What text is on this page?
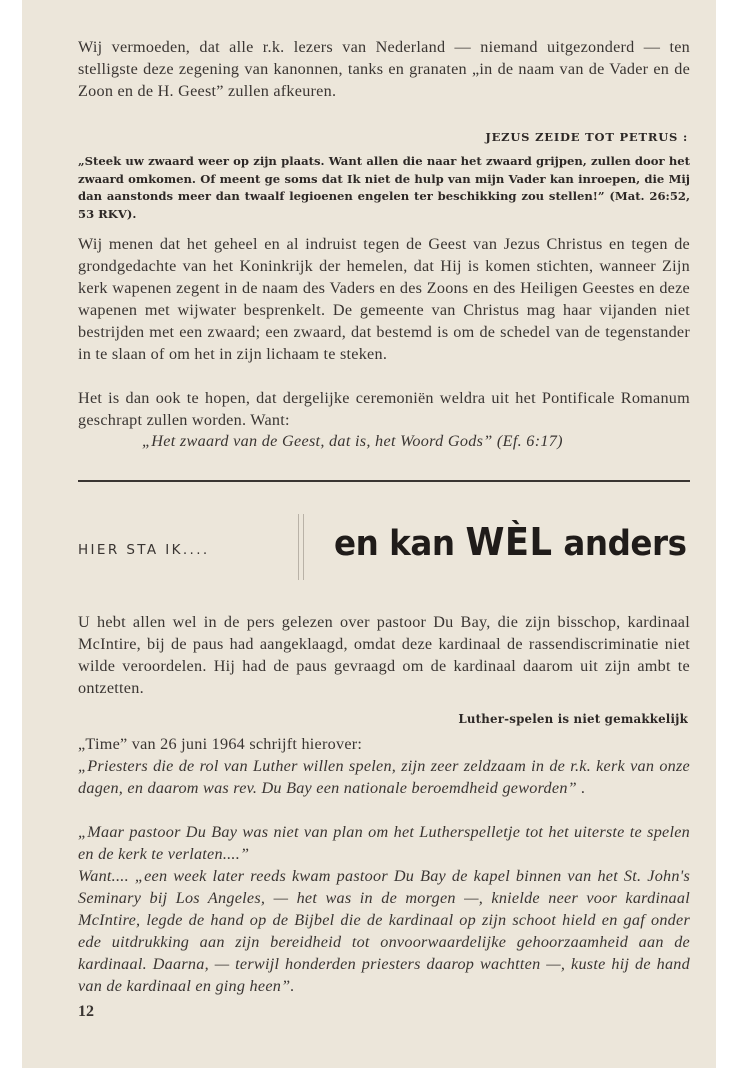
Wij vermoeden, dat alle r.k. lezers van Nederland — niemand uitgezonderd — ten stelligste deze zegening van kanonnen, tanks en granaten „in de naam van de Vader en de Zoon en de H. Geest” zullen afkeuren.

JEZUS ZEIDE TOT PETRUS :

„Steek uw zwaard weer op zijn plaats. Want allen die naar het zwaard grijpen, zullen door het zwaard omkomen. Of meent ge soms dat Ik niet de hulp van mijn Vader kan inroepen, die Mij dan aanstonds meer dan twaalf legioenen engelen ter beschikking zou stellen!” (Mat. 26:52, 53 RKV).

Wij menen dat het geheel en al indruist tegen de Geest van Jezus Christus en tegen de grondgedachte van het Koninkrijk der hemelen, dat Hij is komen stichten, wanneer Zijn kerk wapenen zegent in de naam des Vaders en des Zoons en des Heiligen Geestes en deze wapenen met wijwater besprenkelt. De gemeente van Christus mag haar vijanden niet bestrijden met een zwaard; een zwaard, dat bestemd is om de schedel van de tegenstander in te slaan of om het in zijn lichaam te steken.

Het is dan ook te hopen, dat dergelijke ceremoniën weldra uit het Pontificale Romanum geschrapt zullen worden. Want:

„Het zwaard van de Geest, dat is, het Woord Gods” (Ef. 6:17)
HIER STA IK....	en kan WÈL anders

U hebt allen wel in de pers gelezen over pastoor Du Bay, die zijn bisschop, kardinaal McIntire, bij de paus had aangeklaagd, omdat deze kardinaal de rassendiscriminatie niet wilde veroordelen. Hij had de paus gevraagd om de kardinaal daarom uit zijn ambt te ontzetten.

Luther-spelen is niet gemakkelijk

„Time” van 26 juni 1964 schrijft hierover:

„Priesters die de rol van Luther willen spelen, zijn zeer zeldzaam in de r.k. kerk van onze dagen, en daarom was rev. Du Bay een nationale beroemdheid geworden” .

„Maar pastoor Du Bay was niet van plan om het Lutherspelletje tot het uiterste te spelen en de kerk te verlaten....”

Want.... „een week later reeds kwam pastoor Du Bay de kapel binnen van het St. John's Seminary bij Los Angeles, — het was in de morgen —, knielde neer voor kardinaal McIntire, legde de hand op de Bijbel die de kardinaal op zijn schoot hield en gaf onder ede uitdrukking aan zijn bereidheid tot onvoorwaardelijke gehoorzaamheid aan de kardinaal. Daarna, — terwijl honderden priesters daarop wachtten —, kuste hij de hand van de kardinaal en ging heen”.

12
